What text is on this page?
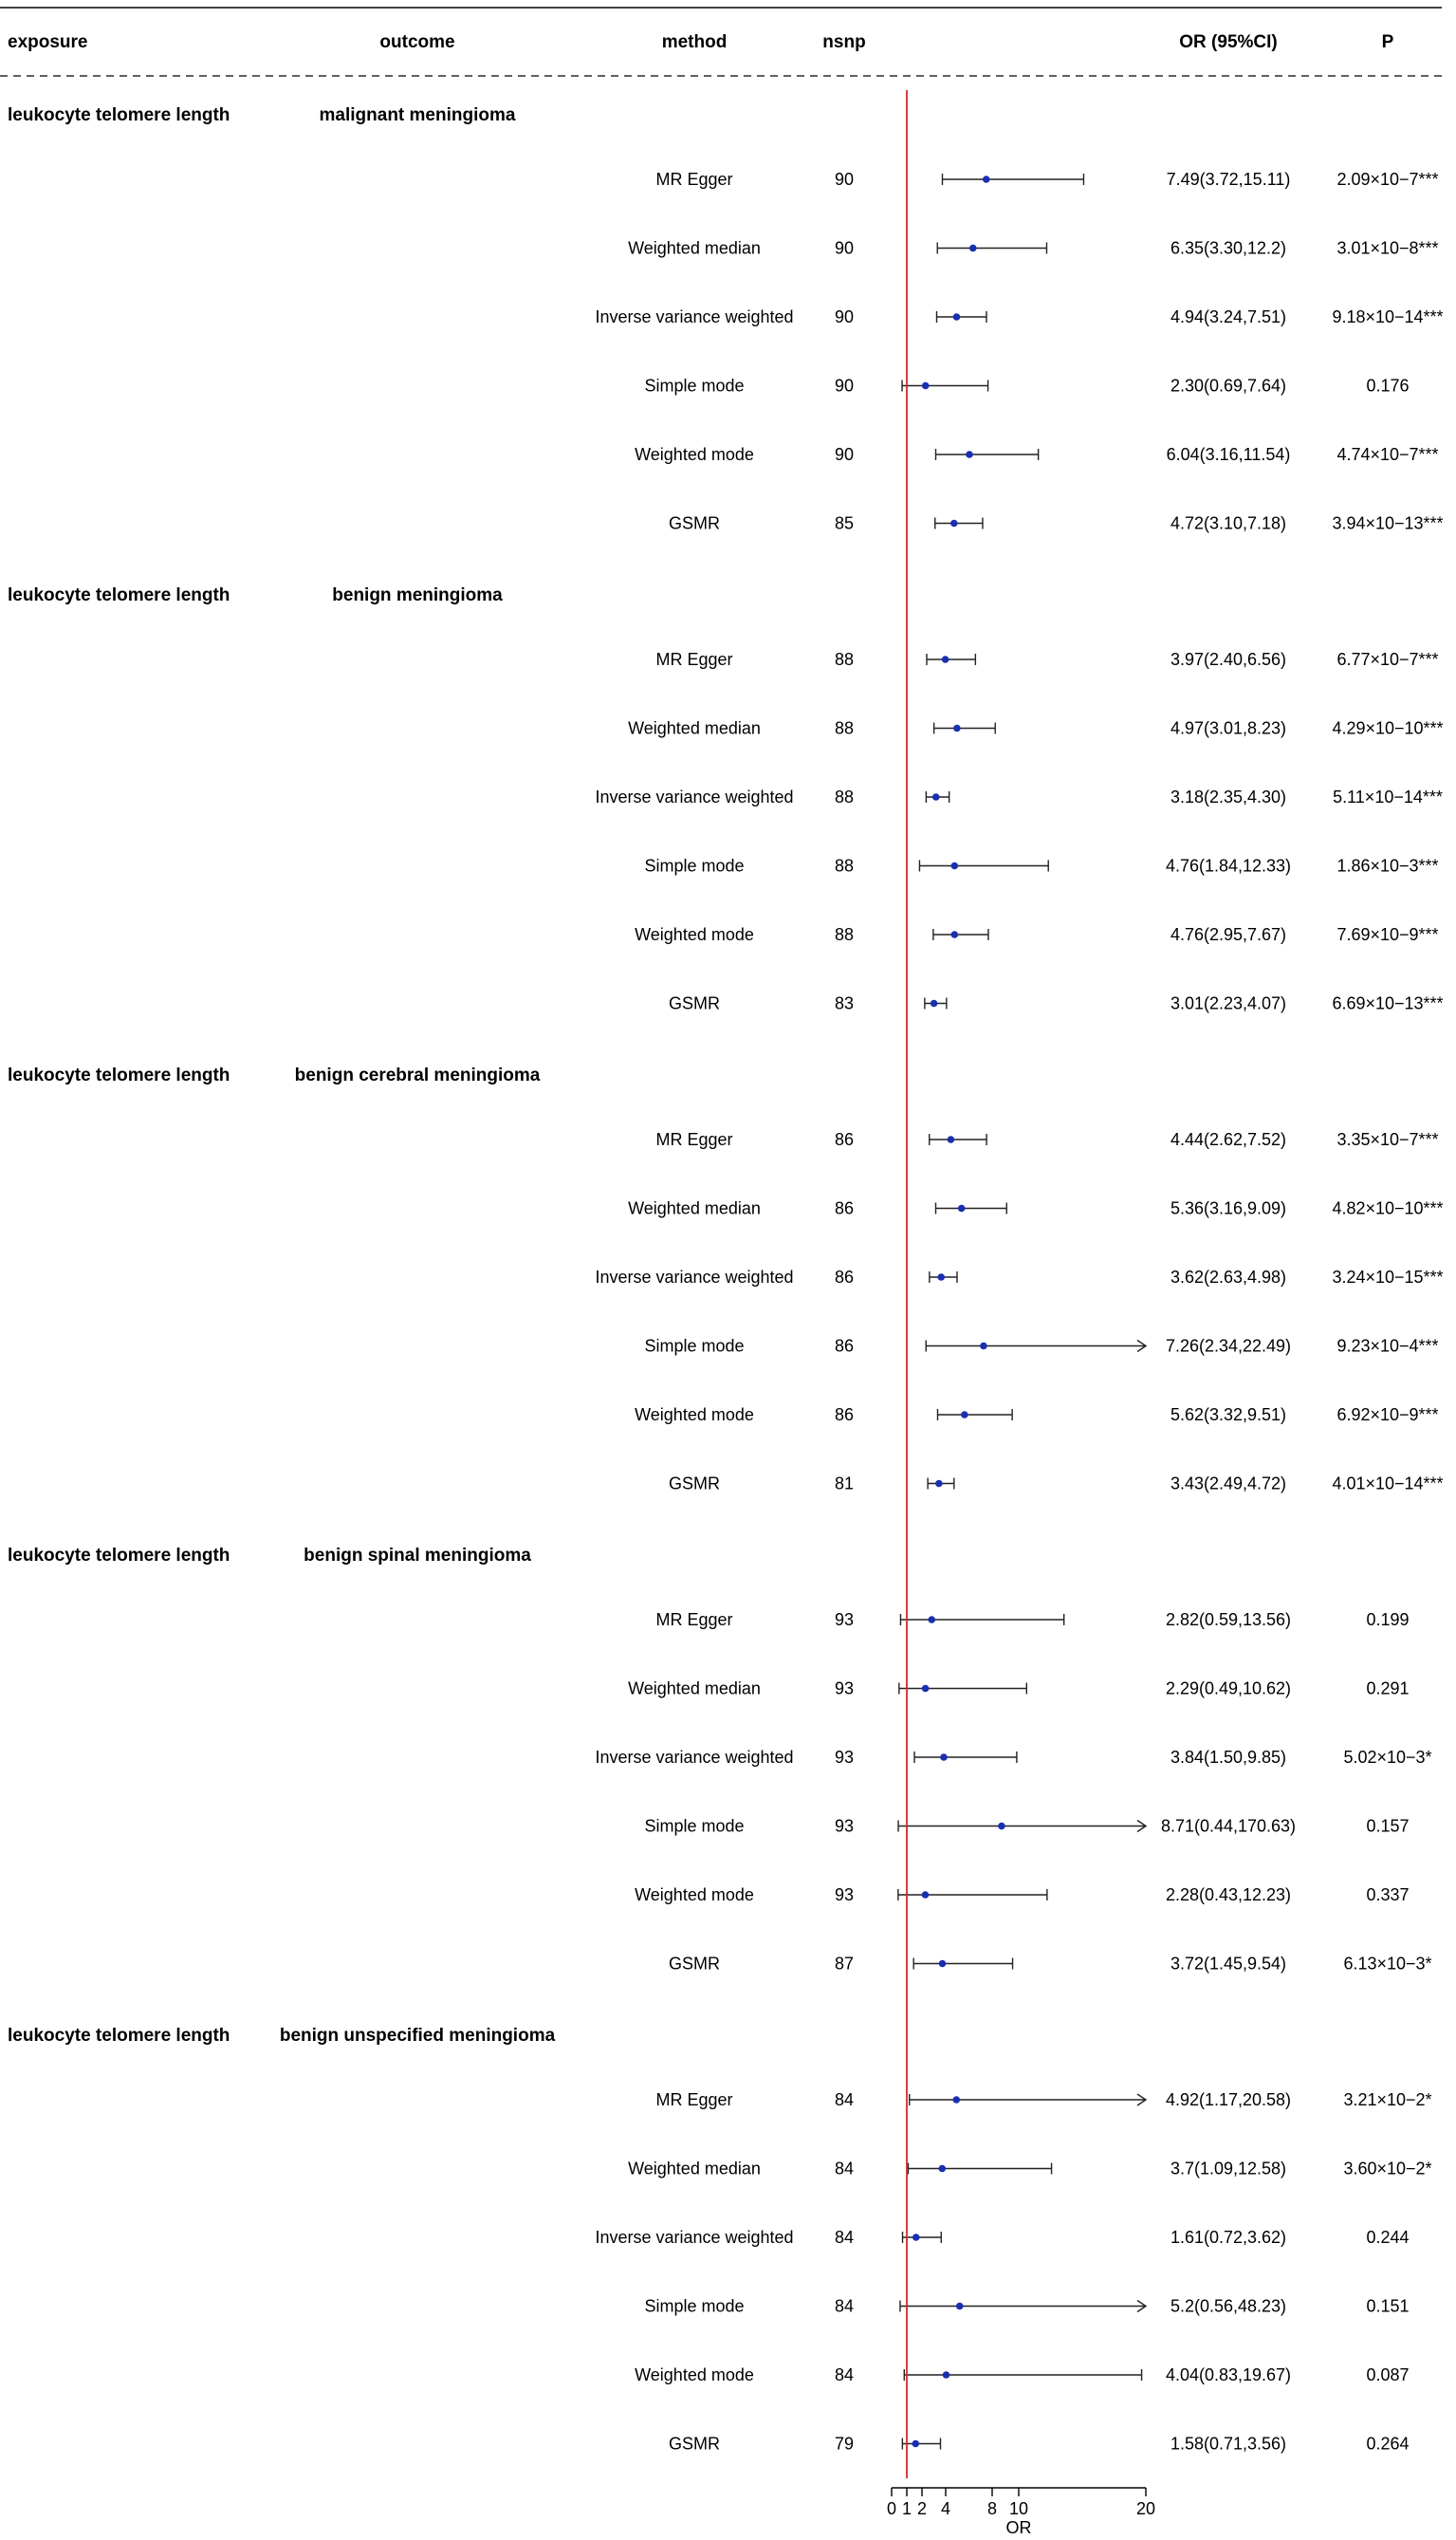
exposure	outcome	method	nsnp	OR (95%CI)	P
leukocyte telomere length	malignant meningioma
MR Egger	90	7.49(3.72,15.11)	2.09×10−7***
Weighted median	90	6.35(3.30,12.2)	3.01×10−8***
Inverse variance weighted 90	4.94(3.24,7.51)	9.18×10−14***
Simple mode	90	2.30(0.69,7.64)	0.176
Weighted mode	90	6.04(3.16,11.54)	4.74×10−7***
GSMR	85	4.72(3.10,7.18)	3.94×10−13***
leukocyte telomere length	benign meningioma
MR Egger	88	3.97(2.40,6.56)	6.77×10−7***
Weighted median	88	4.97(3.01,8.23)	4.29×10−10***
Inverse variance weighted 88	3.18(2.35,4.30)	5.11×10−14***
Simple mode	88	4.76(1.84,12.33)	1.86×10−3***
Weighted mode	88	4.76(2.95,7.67)	7.69×10−9***
GSMR	83	3.01(2.23,4.07)	6.69×10−13***
leukocyte telomere length	benign cerebral meningioma
MR Egger	86	4.44(2.62,7.52)	3.35×10−7***
Weighted median	86	5.36(3.16,9.09)	4.82×10−10***
Inverse variance weighted 86	3.62(2.63,4.98)	3.24×10−15***
Simple mode	86	7.26(2.34,22.49)	9.23×10−4***
Weighted mode	86	5.62(3.32,9.51)	6.92×10−9***
GSMR	81	3.43(2.49,4.72)	4.01×10−14***
leukocyte telomere length	benign spinal meningioma
MR Egger	93	2.82(0.59,13.56)	0.199
Weighted median	93	2.29(0.49,10.62)	0.291
Inverse variance weighted 93	3.84(1.50,9.85)	5.02×10−3*
Simple mode	93	8.71(0.44,170.63)	0.157
Weighted mode	93	2.28(0.43,12.23)	0.337
GSMR	87	3.72(1.45,9.54)	6.13×10−3*
leukocyte telomere length	benign unspecified meningioma
MR Egger	84	4.92(1.17,20.58)	3.21×10−2*
Weighted median	84	3.7(1.09,12.58)	3.60×10−2*
Inverse variance weighted 84	1.61(0.72,3.62)	0.244
Simple mode	84	5.2(0.56,48.23)	0.151
Weighted mode	84	4.04(0.83,19.67)	0.087
GSMR	79	1.58(0.71,3.56)	0.264
OR
0 1 2 4 8 10	20
